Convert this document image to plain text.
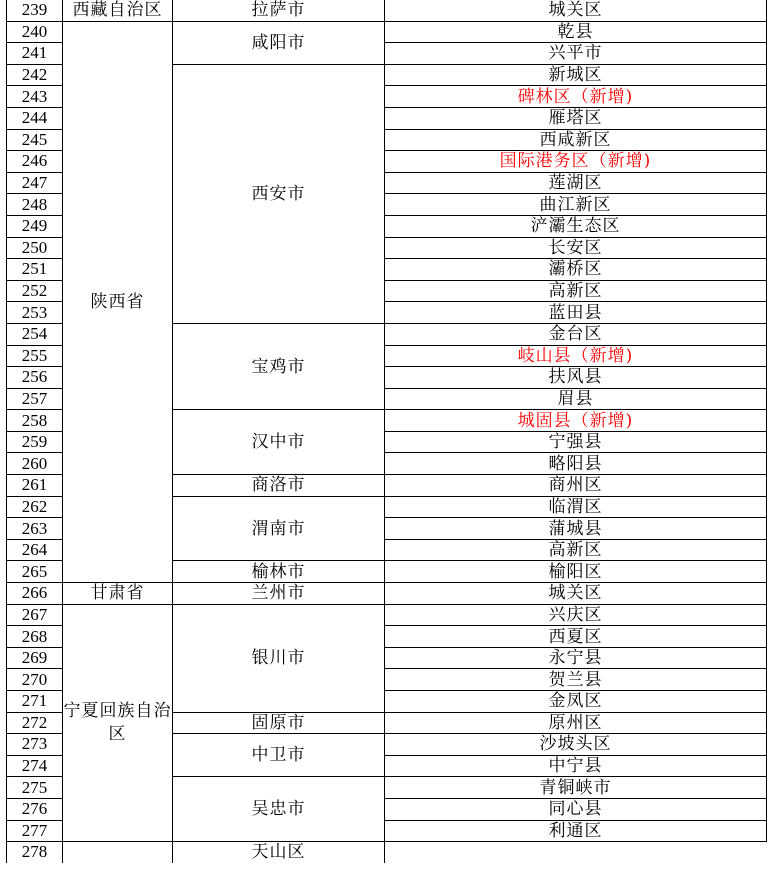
239	西藏自治区	拉萨市	城关区
240	陕西省	咸阳市	乾县
241			兴平市
242		西安市	新城区
243			碑林区（新增)
244			雁塔区
245			西咸新区
246			国际港务区（新增)
247			莲湖区
248			曲江新区
249			浐灞生态区
250			长安区
251			灞桥区
252			高新区
253			蓝田县
254		宝鸡市	金台区
255			岐山县（新增)
256			扶风县
257			眉县
258		汉中市	城固县（新增)
259			宁强县
260			略阳县
261		商洛市	商州区
262		渭南市	临渭区
263			蒲城县
264			高新区
265		榆林市	榆阳区
266	甘肃省	兰州市	城关区
267	宁夏回族自治区	银川市	兴庆区
268			西夏区
269			永宁县
270			贺兰县
271			金凤区
272		固原市	原州区
273		中卫市	沙坡头区
274			中宁县
275		吴忠市	青铜峡市
276			同心县
277			利通区
278		天山区	
